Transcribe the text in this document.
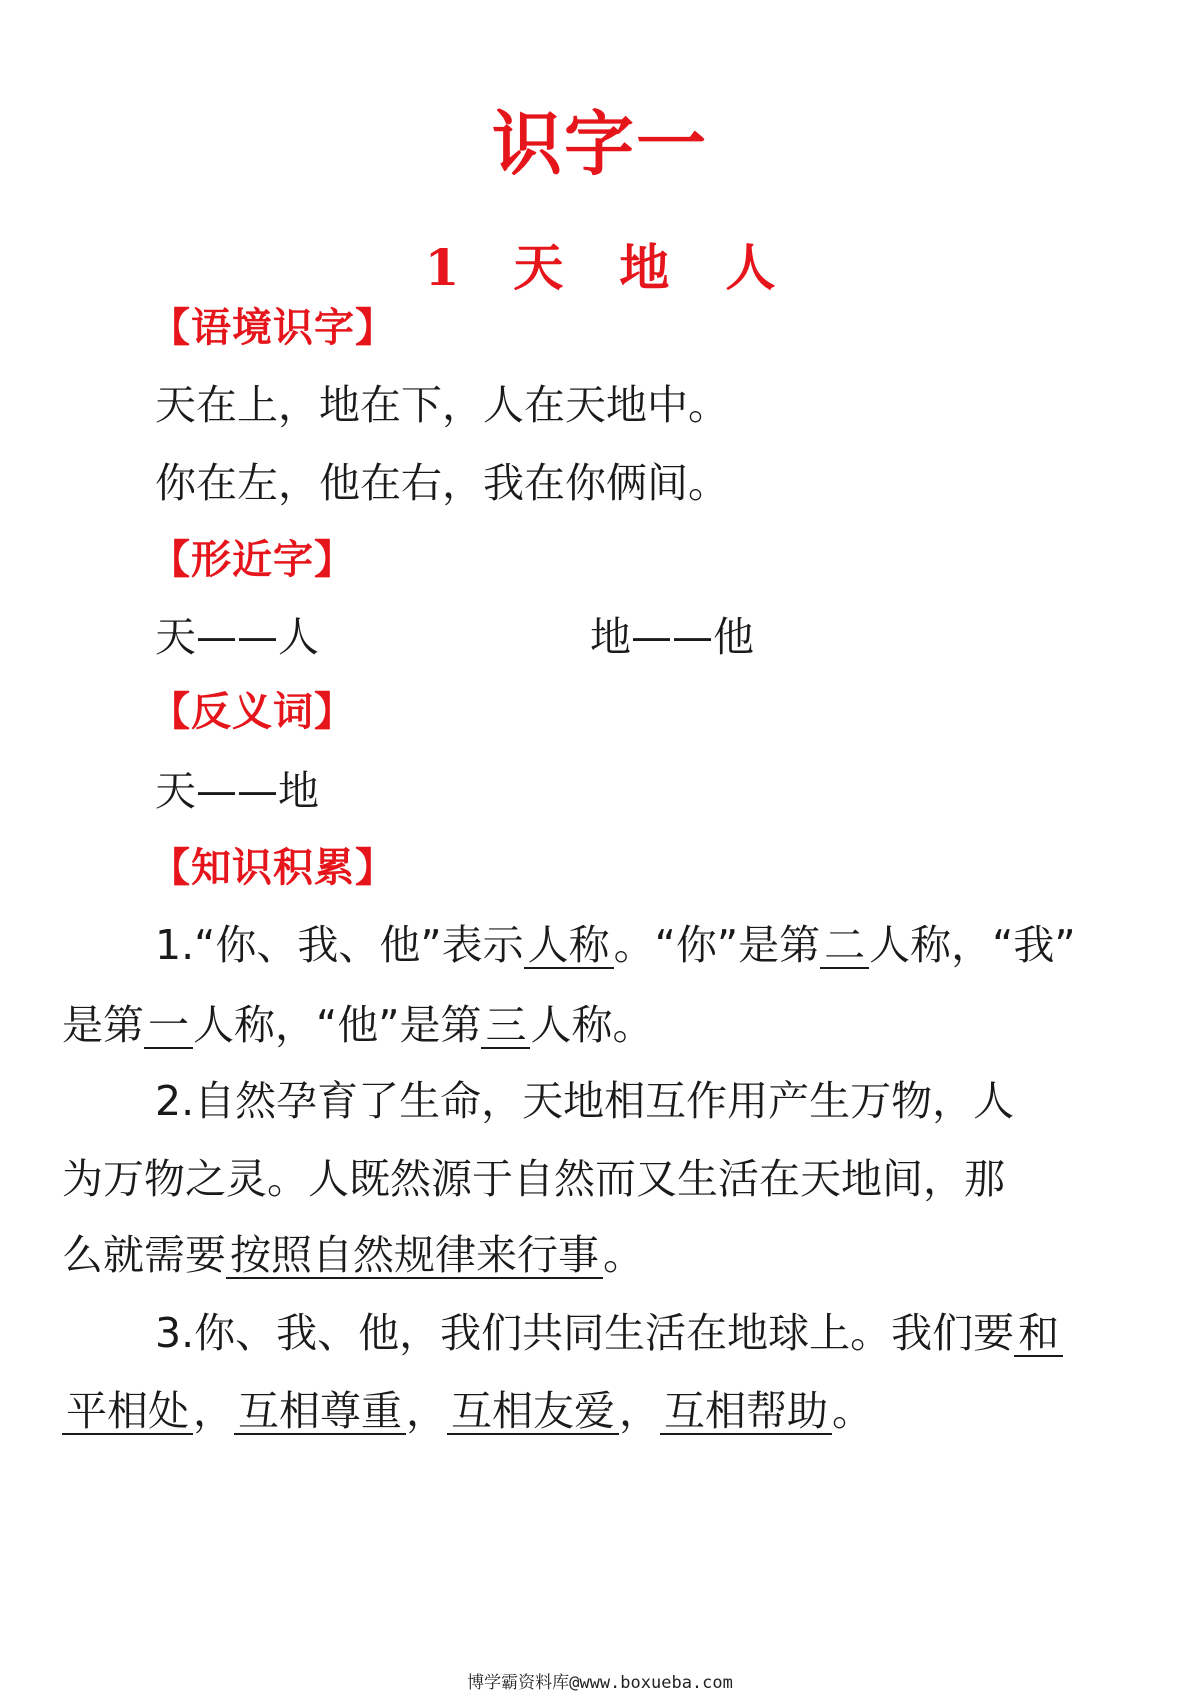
识字一
1 天 地 人
【语境识字】
天在上，地在下，人在天地中。
你在左，他在右，我在你俩间。
【形近字】
天——人	地——他
【反义词】
天——地
【知识积累】
1.“你、我、他”表示人称。“你”是第二人称，“我”
是第一人称，“他”是第三人称。
2.自然孕育了生命，天地相互作用产生万物，人
为万物之灵。人既然源于自然而又生活在天地间，那
么就需要按照自然规律来行事。
3.你、我、他，我们共同生活在地球上。我们要和
平相处，互相尊重，互相友爱，互相帮助。
博学霸资料库@www.boxueba.com
